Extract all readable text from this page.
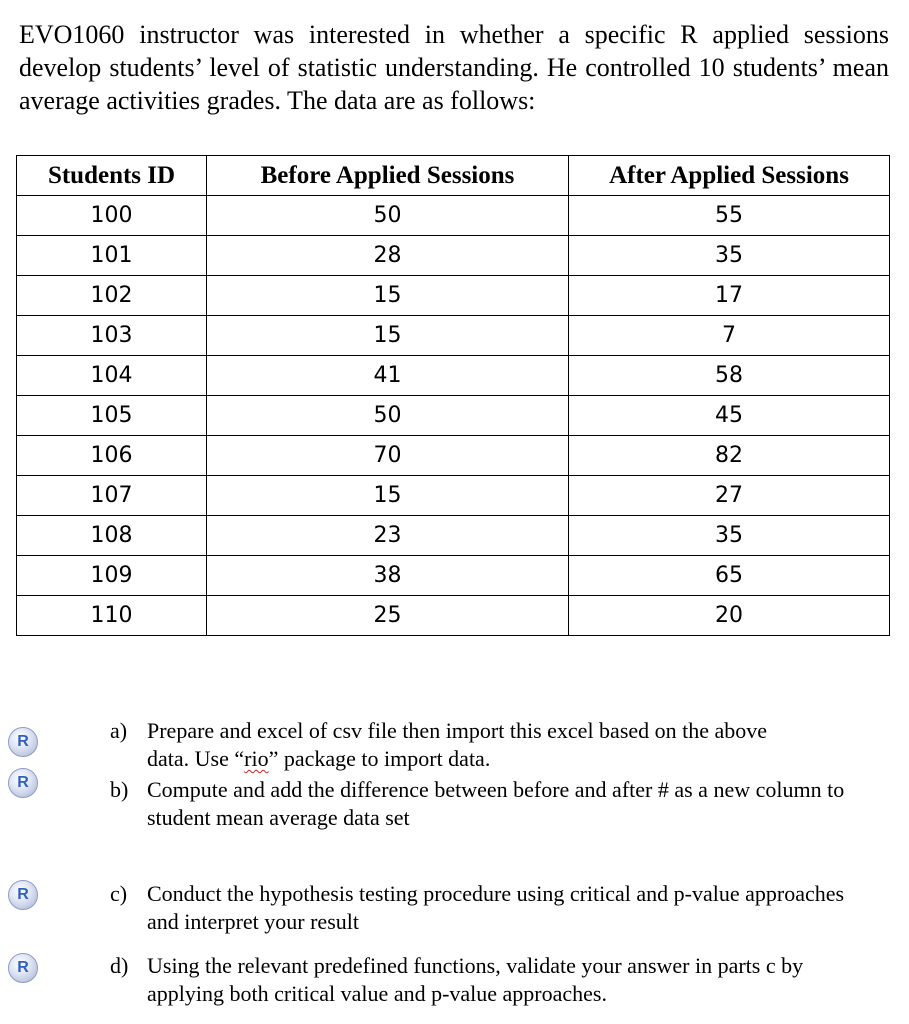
EVO1060 instructor was interested in whether a specific R applied sessions develop students’ level of statistic understanding. He controlled 10 students’ mean average activities grades. The data are as follows:
Students ID	Before Applied Sessions	After Applied Sessions
100	50	55
101	28	35
102	15	17
103	15	7
104	41	58
105	50	45
106	70	82
107	15	27
108	23	35
109	38	65
110	25	20
R
R
R
R
a) Prepare and excel of csv file then import this excel based on the above
data. Use “rio” package to import data.
b) Compute and add the difference between before and after # as a new column to student mean average data set
c) Conduct the hypothesis testing procedure using critical and p-value approaches and interpret your result
d) Using the relevant predefined functions, validate your answer in parts c by applying both critical value and p-value approaches.
